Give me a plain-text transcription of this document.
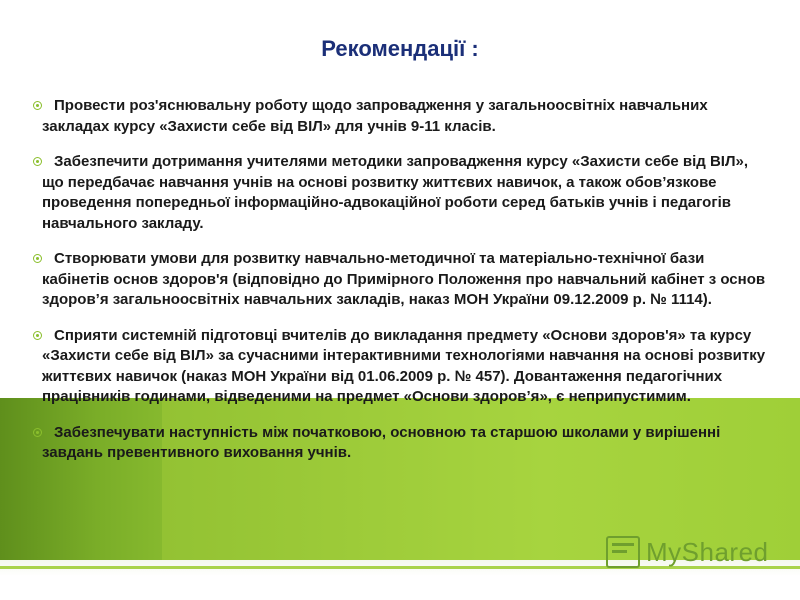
Рекомендації :
Провести роз'яснювальну роботу щодо запровадження у загальноосвітніх навчальних закладах курсу «Захисти себе від ВІЛ» для учнів 9-11 класів.
Забезпечити дотримання учителями методики запровадження курсу «Захисти себе від ВІЛ», що передбачає навчання учнів на основі розвитку життєвих навичок, а також обов’язкове проведення попередньої інформаційно-адвокаційної роботи серед батьків учнів і педагогів навчального закладу.
Створювати умови для розвитку навчально-методичної та матеріально-технічної бази кабінетів основ здоров'я (відповідно до Примірного Положення про навчальний кабінет з основ здоров’я загальноосвітніх навчальних закладів, наказ МОН України 09.12.2009 р. № 1114).
Сприяти системній підготовці вчителів до викладання предмету «Основи здоров'я» та курсу «Захисти себе від ВІЛ» за сучасними інтерактивними технологіями навчання на основі розвитку життєвих навичок (наказ МОН України від 01.06.2009 р. № 457). Довантаження педагогічних працівників годинами, відведеними на предмет «Основи здоров’я», є неприпустимим.
Забезпечувати наступність між початковою, основною та старшою школами у вирішенні завдань превентивного виховання учнів.
MyShared
